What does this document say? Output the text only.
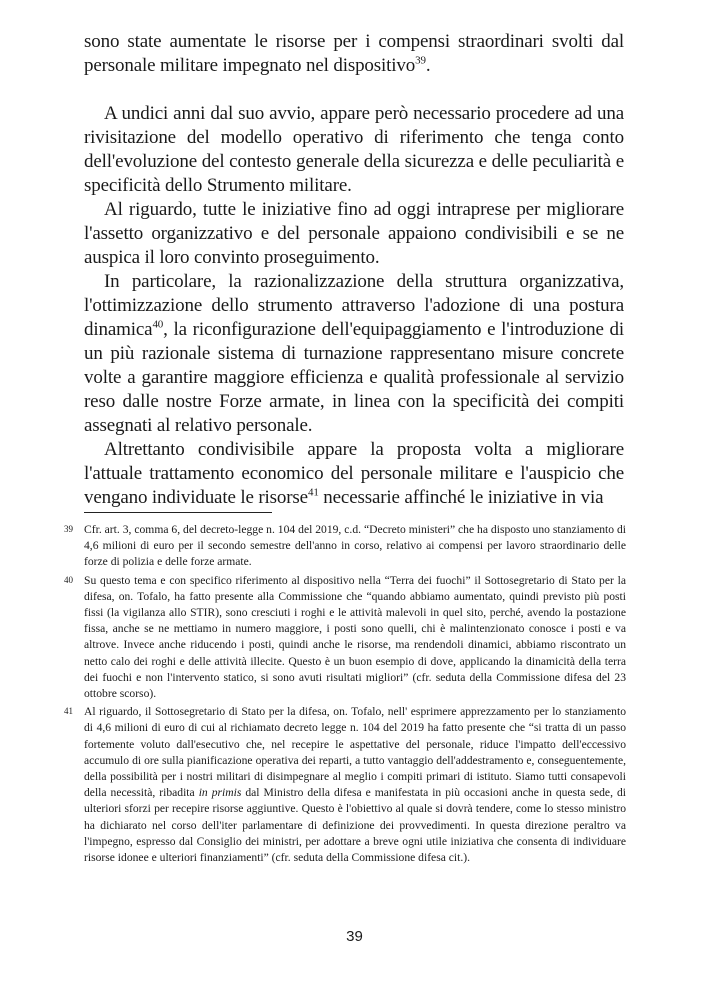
sono state aumentate le risorse per i compensi straordinari svolti dal personale militare impegnato nel dispositivo$^{39}$.

A undici anni dal suo avvio, appare però necessario procedere ad una rivisitazione del modello operativo di riferimento che tenga conto dell'evoluzione del contesto generale della sicurezza e delle peculiarità e specificità dello Strumento militare.

Al riguardo, tutte le iniziative fino ad oggi intraprese per migliorare l'assetto organizzativo e del personale appaiono condivisibili e se ne auspica il loro convinto proseguimento.

In particolare, la razionalizzazione della struttura organizzativa, l'ottimizzazione dello strumento attraverso l'adozione di una postura dinamica$^{40}$, la riconfigurazione dell'equipaggiamento e l'introduzione di un più razionale sistema di turnazione rappresentano misure concrete volte a garantire maggiore efficienza e qualità professionale al servizio reso dalle nostre Forze armate, in linea con la specificità dei compiti assegnati al relativo personale.

Altrettanto condivisibile appare la proposta volta a migliorare l'attuale trattamento economico del personale militare e l'auspicio che vengano individuate le risorse$^{41}$ necessarie affinché le iniziative in via

39 Cfr. art. 3, comma 6, del decreto-legge n. 104 del 2019, c.d. “Decreto ministeri” che ha disposto uno stanziamento di 4,6 milioni di euro per il secondo semestre dell'anno in corso, relativo ai compensi per lavoro straordinario delle forze di polizia e delle forze armate.
40 Su questo tema e con specifico riferimento al dispositivo nella “Terra dei fuochi” il Sottosegretario di Stato per la difesa, on. Tofalo, ha fatto presente alla Commissione che “quando abbiamo aumentato, quindi previsto più posti fissi (la vigilanza allo STIR), sono cresciuti i roghi e le attività malevoli in quel sito, perché, avendo la postazione fissa, anche se ne mettiamo in numero maggiore, i posti sono quelli, chi è malintenzionato conosce i posti e va altrove. Invece anche riducendo i posti, quindi anche le risorse, ma rendendoli dinamici, abbiamo riscontrato un netto calo dei roghi e delle attività illecite. Questo è un buon esempio di dove, applicando la dinamicità della terra dei fuochi e non l'intervento statico, si sono avuti risultati migliori” (cfr. seduta della Commissione difesa del 23 ottobre scorso).
41 Al riguardo, il Sottosegretario di Stato per la difesa, on. Tofalo, nell' esprimere apprezzamento per lo stanziamento di 4,6 milioni di euro di cui al richiamato decreto legge n. 104 del 2019 ha fatto presente che “si tratta di un passo fortemente voluto dall'esecutivo che, nel recepire le aspettative del personale, riduce l'impatto dell'eccessivo accumulo di ore sulla pianificazione operativa dei reparti, a tutto vantaggio dell'addestramento e, conseguentemente, della possibilità per i nostri militari di disimpegnare al meglio i compiti primari di istituto. Siamo tutti consapevoli della necessità, ribadita in primis dal Ministro della difesa e manifestata in più occasioni anche in questa sede, di ulteriori sforzi per recepire risorse aggiuntive. Questo è l'obiettivo al quale si dovrà tendere, come lo stesso ministro ha dichiarato nel corso dell'iter parlamentare di definizione dei provvedimenti. In questa direzione peraltro va l'impegno, espresso dal Consiglio dei ministri, per adottare a breve ogni utile iniziativa che consenta di individuare risorse idonee e ulteriori finanziamenti” (cfr. seduta della Commissione difesa cit.).
39
